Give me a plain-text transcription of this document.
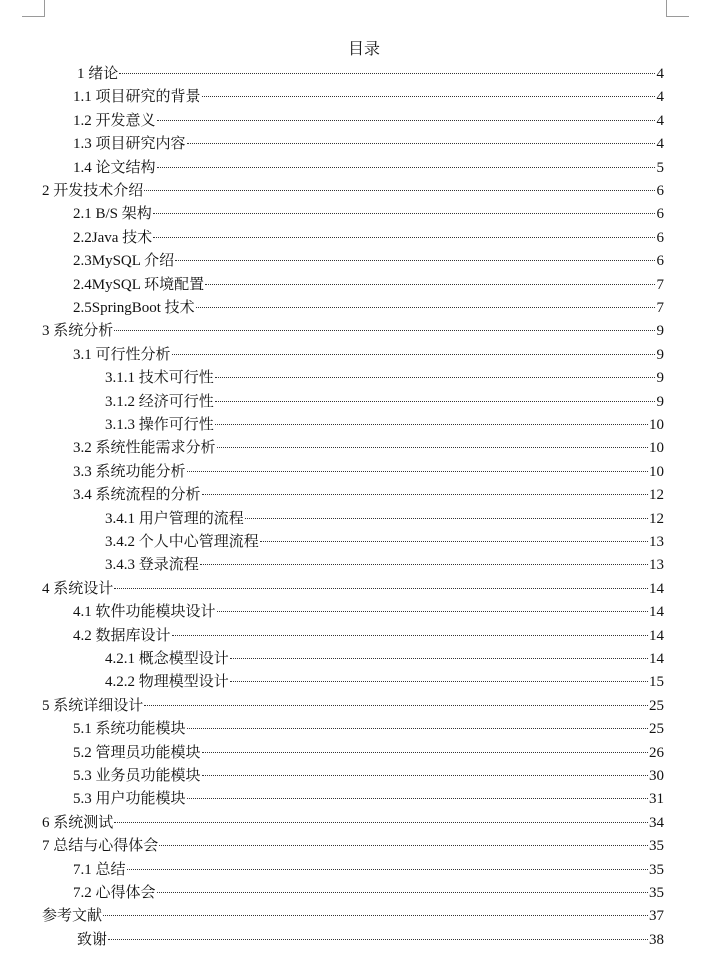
目录
1 绪论	4
1.1 项目研究的背景	4
1.2 开发意义	4
1.3 项目研究内容	4
1.4 论文结构	5
2 开发技术介绍	6
2.1 B/S 架构	6
2.2Java 技术	6
2.3MySQL 介绍	6
2.4MySQL 环境配置	7
2.5SpringBoot 技术	7
3 系统分析	9
3.1 可行性分析	9
3.1.1 技术可行性	9
3.1.2 经济可行性	9
3.1.3 操作可行性	10
3.2 系统性能需求分析	10
3.3 系统功能分析	10
3.4 系统流程的分析	12
3.4.1 用户管理的流程	12
3.4.2 个人中心管理流程	13
3.4.3 登录流程	13
4 系统设计	14
4.1 软件功能模块设计	14
4.2 数据库设计	14
4.2.1 概念模型设计	14
4.2.2 物理模型设计	15
5 系统详细设计	25
5.1 系统功能模块	25
5.2 管理员功能模块	26
5.3 业务员功能模块	30
5.3 用户功能模块	31
6 系统测试	34
7 总结与心得体会	35
7.1 总结	35
7.2 心得体会	35
参考文献	37
致谢	38
